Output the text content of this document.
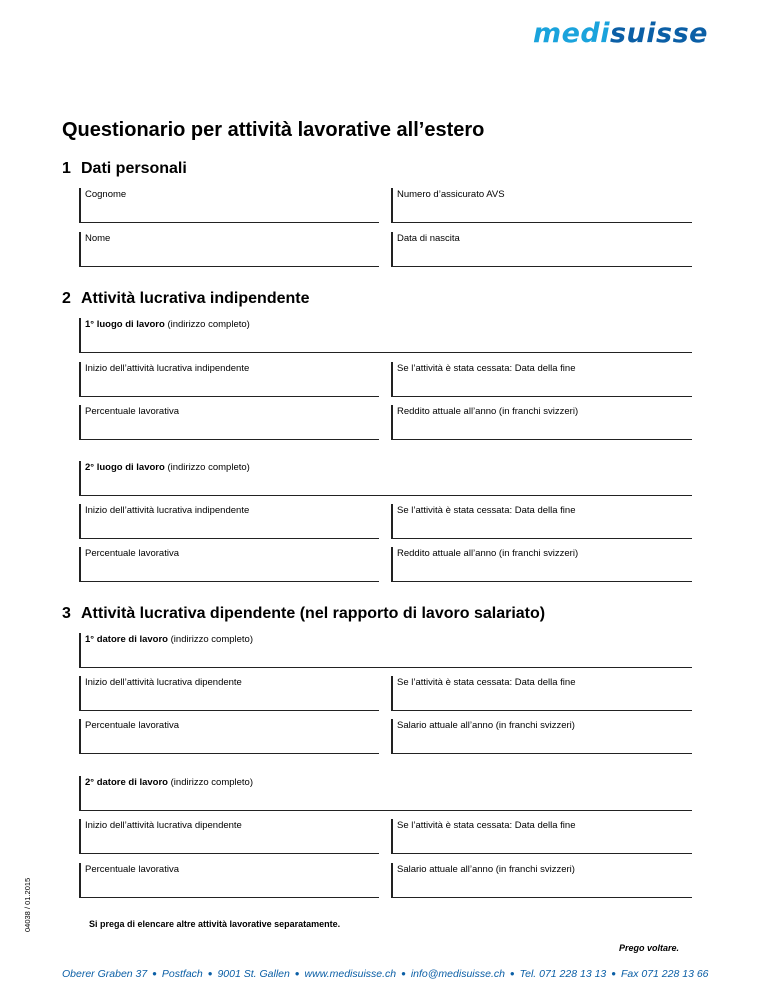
medisuisse
Questionario per attività lavorative all’estero
1 Dati personali
Cognome	Numero d’assicurato AVS
Nome	Data di nascita
2 Attività lucrativa indipendente
1° luogo di lavoro (indirizzo completo)
Inizio dell’attività lucrativa indipendente	Se l’attività è stata cessata: Data della fine
Percentuale lavorativa	Reddito attuale all’anno (in franchi svizzeri)
2° luogo di lavoro (indirizzo completo)
Inizio dell’attività lucrativa indipendente	Se l’attività è stata cessata: Data della fine
Percentuale lavorativa	Reddito attuale all’anno (in franchi svizzeri)
3 Attività lucrativa dipendente (nel rapporto di lavoro salariato)
1° datore di lavoro (indirizzo completo)
Inizio dell’attività lucrativa dipendente	Se l’attività è stata cessata: Data della fine
Percentuale lavorativa	Salario attuale all’anno (in franchi svizzeri)
2° datore di lavoro (indirizzo completo)
Inizio dell’attività lucrativa dipendente	Se l’attività è stata cessata: Data della fine
Percentuale lavorativa	Salario attuale all’anno (in franchi svizzeri)
Si prega di elencare altre attività lavorative separatamente.
Prego voltare.
04038 / 01.2015
Oberer Graben 37 ● Postfach ● 9001 St. Gallen ● www.medisuisse.ch ● info@medisuisse.ch ● Tel. 071 228 13 13 ● Fax 071 228 13 66
